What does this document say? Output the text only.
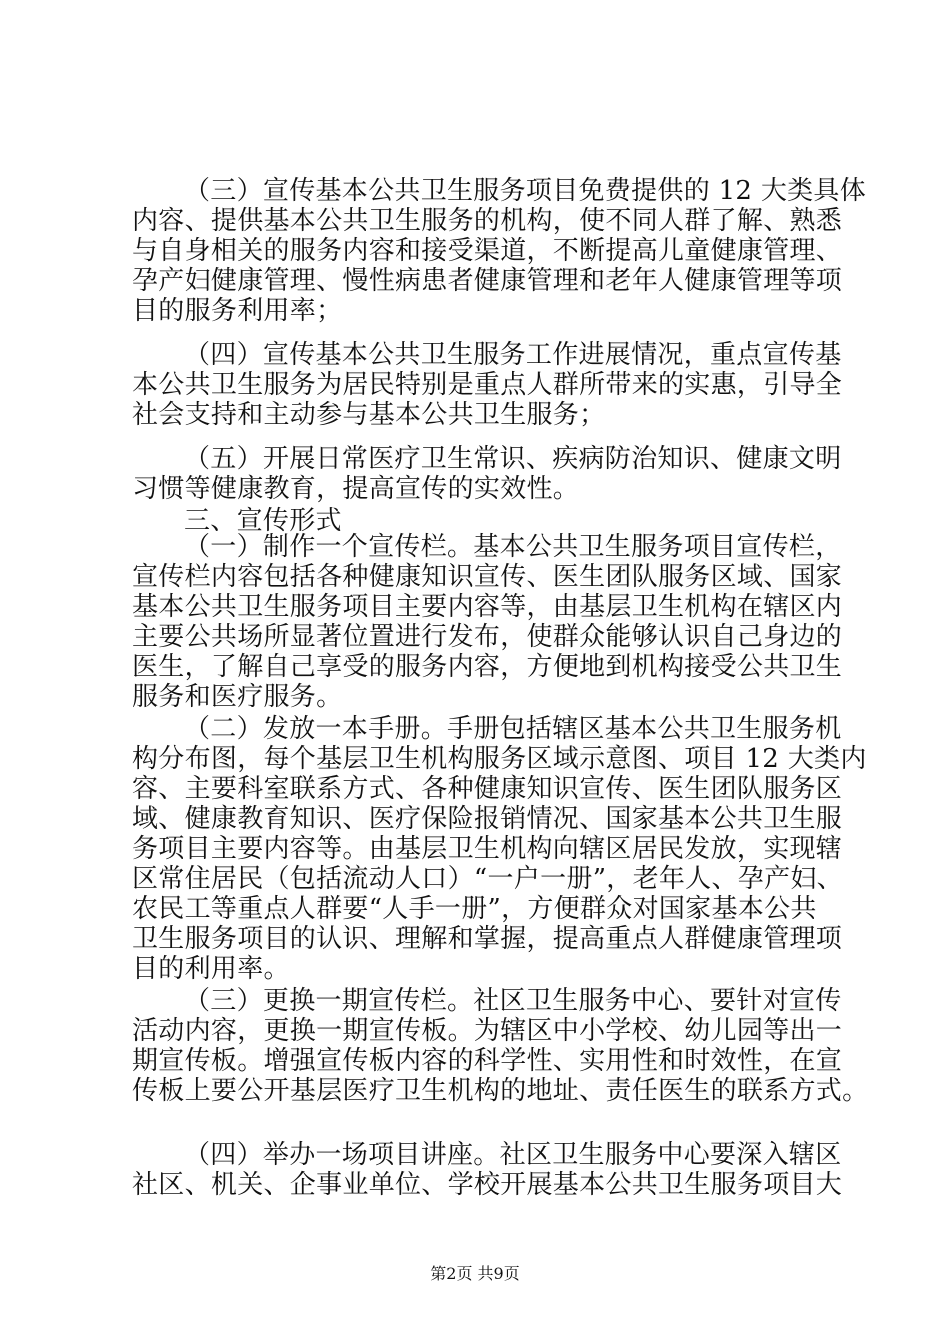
（三）宣传基本公共卫生服务项目免费提供的 12 大类具体
内容、提供基本公共卫生服务的机构，使不同人群了解、熟悉
与自身相关的服务内容和接受渠道，不断提高儿童健康管理、
孕产妇健康管理、慢性病患者健康管理和老年人健康管理等项
目的服务利用率；
（四）宣传基本公共卫生服务工作进展情况，重点宣传基
本公共卫生服务为居民特别是重点人群所带来的实惠，引导全
社会支持和主动参与基本公共卫生服务；
（五）开展日常医疗卫生常识、疾病防治知识、健康文明
习惯等健康教育，提高宣传的实效性。
三、宣传形式
（一）制作一个宣传栏。基本公共卫生服务项目宣传栏，
宣传栏内容包括各种健康知识宣传、医生团队服务区域、国家
基本公共卫生服务项目主要内容等，由基层卫生机构在辖区内
主要公共场所显著位置进行发布，使群众能够认识自己身边的
医生，了解自己享受的服务内容，方便地到机构接受公共卫生
服务和医疗服务。
（二）发放一本手册。手册包括辖区基本公共卫生服务机
构分布图，每个基层卫生机构服务区域示意图、项目 12 大类内
容、主要科室联系方式、各种健康知识宣传、医生团队服务区
域、健康教育知识、医疗保险报销情况、国家基本公共卫生服
务项目主要内容等。由基层卫生机构向辖区居民发放，实现辖
区常住居民（包括流动人口）“一户一册”，老年人、孕产妇、
农民工等重点人群要“人手一册”，方便群众对国家基本公共
卫生服务项目的认识、理解和掌握，提高重点人群健康管理项
目的利用率。
（三）更换一期宣传栏。社区卫生服务中心、要针对宣传
活动内容，更换一期宣传板。为辖区中小学校、幼儿园等出一
期宣传板。增强宣传板内容的科学性、实用性和时效性，在宣
传板上要公开基层医疗卫生机构的地址、责任医生的联系方式。
（四）举办一场项目讲座。社区卫生服务中心要深入辖区
社区、机关、企事业单位、学校开展基本公共卫生服务项目大
第2页 共9页
